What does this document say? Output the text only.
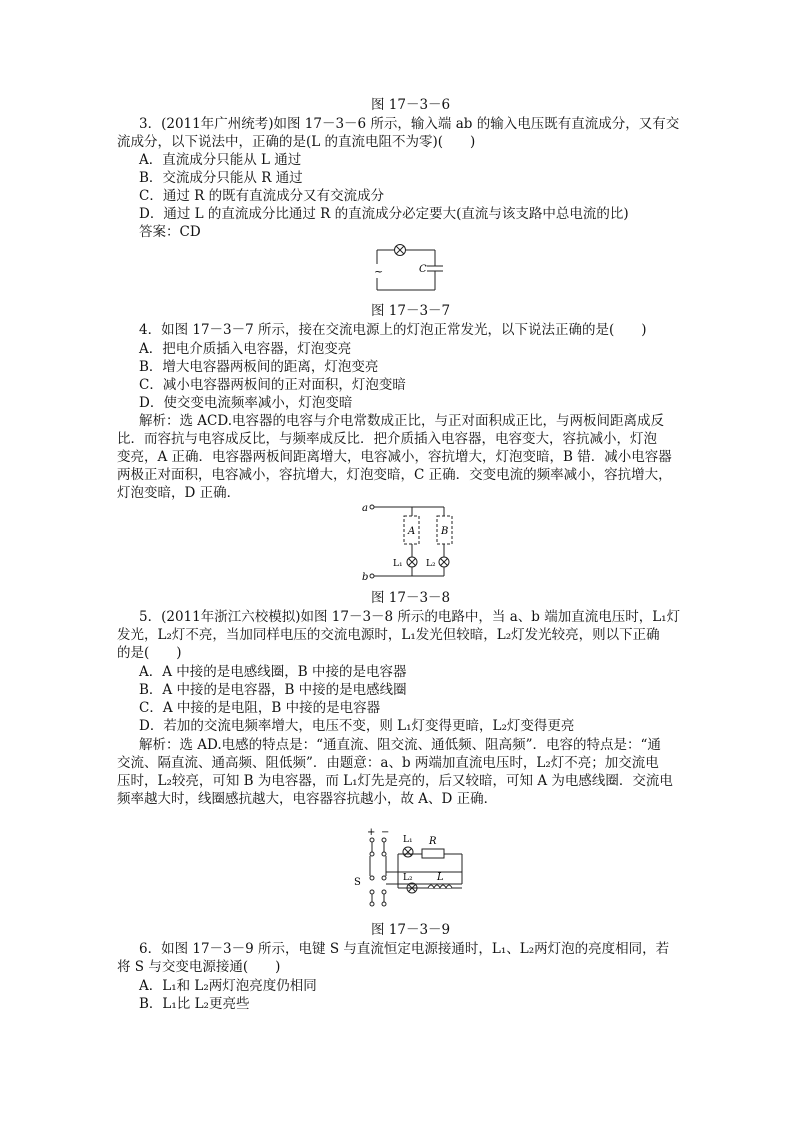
图 17－3－6
3．(2011年广州统考)如图 17－3－6 所示，输入端 ab 的输入电压既有直流成分，又有交
流成分，以下说法中，正确的是(L 的直流电阻不为零)(　　)
A．直流成分只能从 L 通过
B．交流成分只能从 R 通过
C．通过 R 的既有直流成分又有交流成分
D．通过 L 的直流成分比通过 R 的直流成分必定要大(直流与该支路中总电流的比)
答案：CD
~	C
图 17－3－7
4．如图 17－3－7 所示，接在交流电源上的灯泡正常发光，以下说法正确的是(　　)
A．把电介质插入电容器，灯泡变亮
B．增大电容器两板间的距离，灯泡变亮
C．减小电容器两板间的正对面积，灯泡变暗
D．使交变电流频率减小，灯泡变暗
解析：选 ACD.电容器的电容与介电常数成正比，与正对面积成正比，与两板间距离成反
比．而容抗与电容成反比，与频率成反比．把介质插入电容器，电容变大，容抗减小，灯泡
变亮，A 正确．电容器两板间距离增大，电容减小，容抗增大，灯泡变暗，B 错．减小电容器
两极正对面积，电容减小，容抗增大，灯泡变暗，C 正确．交变电流的频率减小，容抗增大，
灯泡变暗，D 正确．
a
b
A	B
L₁	L₂
图 17－3－8
5．(2011年浙江六校模拟)如图 17－3－8 所示的电路中，当 a、b 端加直流电压时，L₁灯
发光，L₂灯不亮，当加同样电压的交流电源时，L₁发光但较暗，L₂灯发光较亮，则以下正确
的是(　　)
A．A 中接的是电感线圈，B 中接的是电容器
B．A 中接的是电容器，B 中接的是电感线圈
C．A 中接的是电阻，B 中接的是电容器
D．若加的交流电频率增大，电压不变，则 L₁灯变得更暗，L₂灯变得更亮
解析：选 AD.电感的特点是：“通直流、阻交流、通低频、阻高频”．电容的特点是：“通
交流、隔直流、通高频、阻低频”．由题意：a、b 两端加直流电压时，L₂灯不亮；加交流电
压时，L₂较亮，可知 B 为电容器，而 L₁灯先是亮的，后又较暗，可知 A 为电感线圈．交流电
频率越大时，线圈感抗越大，电容器容抗越小，故 A、D 正确．
+ −
S
L₁
L₂
R
L
图 17－3－9
6．如图 17－3－9 所示，电键 S 与直流恒定电源接通时，L₁、L₂两灯泡的亮度相同，若
将 S 与交变电源接通(　　)
A．L₁和 L₂两灯泡亮度仍相同
B．L₁比 L₂更亮些
